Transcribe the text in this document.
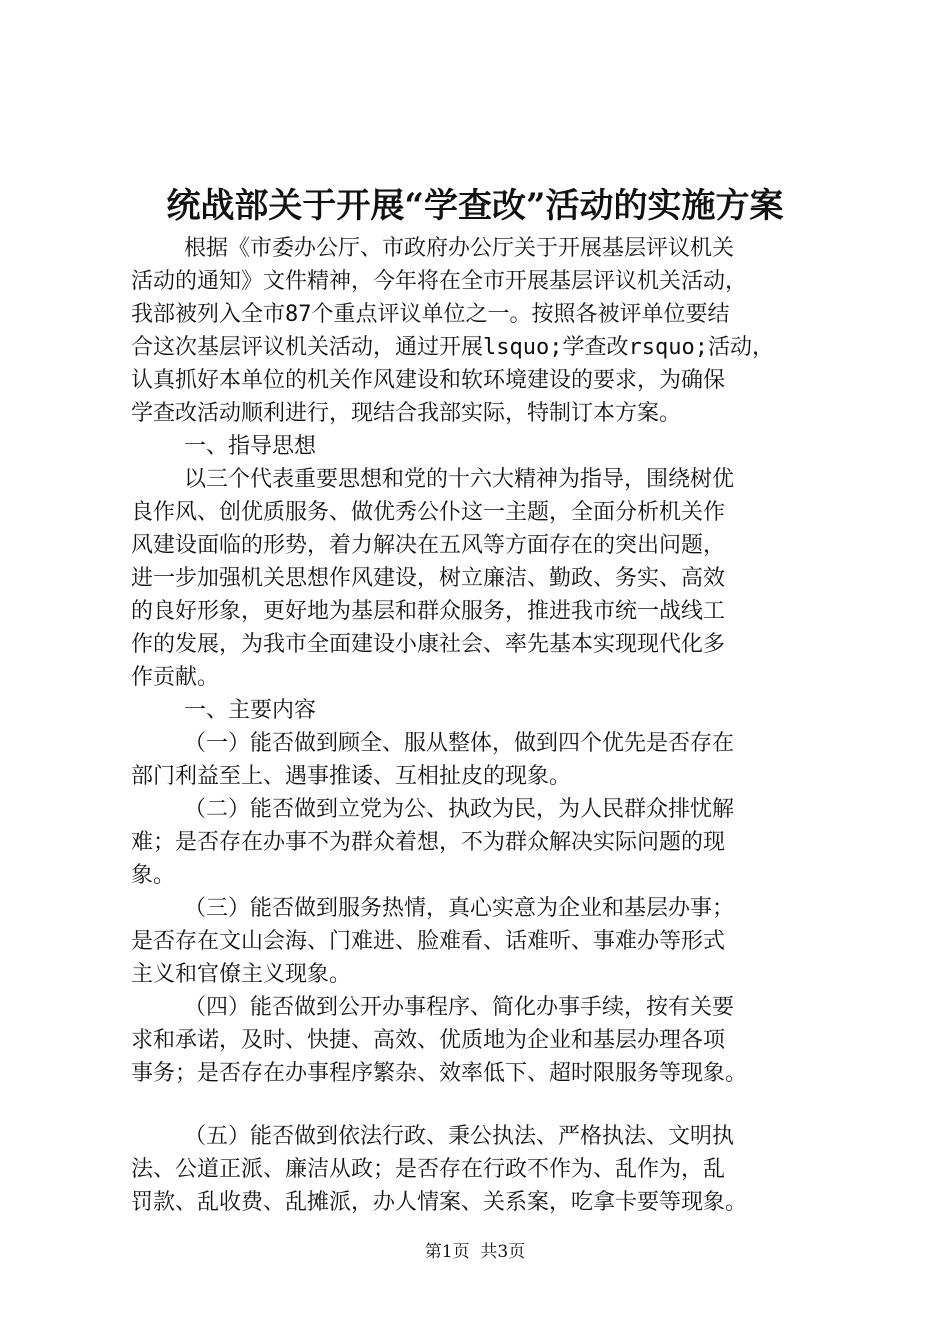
统战部关于开展“学查改”活动的实施方案
根据《市委办公厅、市政府办公厅关于开展基层评议机关
活动的通知》文件精神，今年将在全市开展基层评议机关活动，
我部被列入全市87个重点评议单位之一。按照各被评单位要结
合这次基层评议机关活动，通过开展lsquo;学查改rsquo;活动，
认真抓好本单位的机关作风建设和软环境建设的要求，为确保
学查改活动顺利进行，现结合我部实际，特制订本方案。
一、指导思想
以三个代表重要思想和党的十六大精神为指导，围绕树优
良作风、创优质服务、做优秀公仆这一主题，全面分析机关作
风建设面临的形势，着力解决在五风等方面存在的突出问题，
进一步加强机关思想作风建设，树立廉洁、勤政、务实、高效
的良好形象，更好地为基层和群众服务，推进我市统一战线工
作的发展，为我市全面建设小康社会、率先基本实现现代化多
作贡献。
一、主要内容
（一）能否做到顾全、服从整体，做到四个优先是否存在
部门利益至上、遇事推诿、互相扯皮的现象。
（二）能否做到立党为公、执政为民，为人民群众排忧解
难；是否存在办事不为群众着想，不为群众解决实际问题的现
象。
（三）能否做到服务热情，真心实意为企业和基层办事；
是否存在文山会海、门难进、脸难看、话难听、事难办等形式
主义和官僚主义现象。
（四）能否做到公开办事程序、简化办事手续，按有关要
求和承诺，及时、快捷、高效、优质地为企业和基层办理各项
事务；是否存在办事程序繁杂、效率低下、超时限服务等现象。
（五）能否做到依法行政、秉公执法、严格执法、文明执
法、公道正派、廉洁从政；是否存在行政不作为、乱作为，乱
罚款、乱收费、乱摊派，办人情案、关系案，吃拿卡要等现象。
第1页  共3页
